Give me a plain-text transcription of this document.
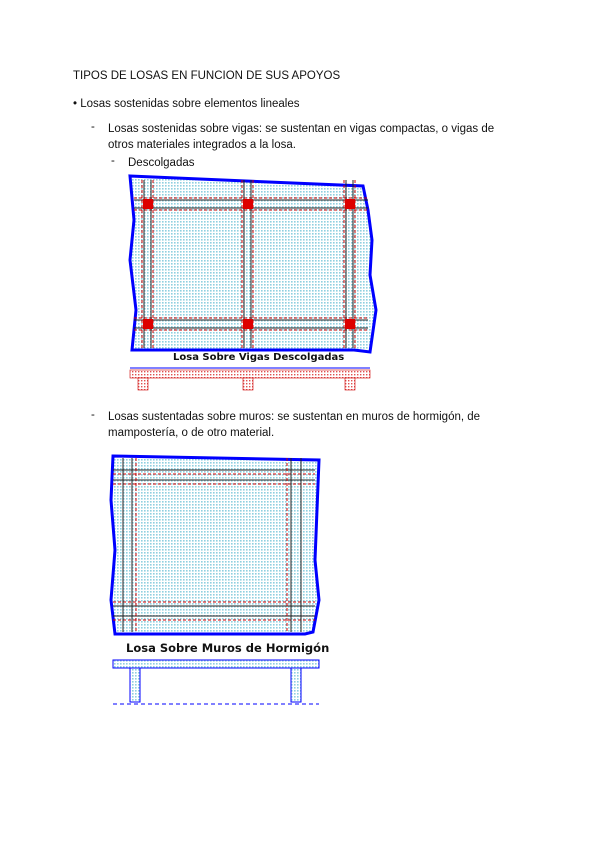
TIPOS DE LOSAS EN FUNCION DE SUS APOYOS
• Losas sostenidas sobre elementos lineales
- Losas sostenidas sobre vigas: se sustentan en vigas compactas, o vigas de otros materiales integrados a la losa.
- Descolgadas
Losa Sobre Vigas Descolgadas
- Losas sustentadas sobre muros: se sustentan en muros de hormigón, de mampostería, o de otro material.
Losa Sobre Muros de Hormigón
